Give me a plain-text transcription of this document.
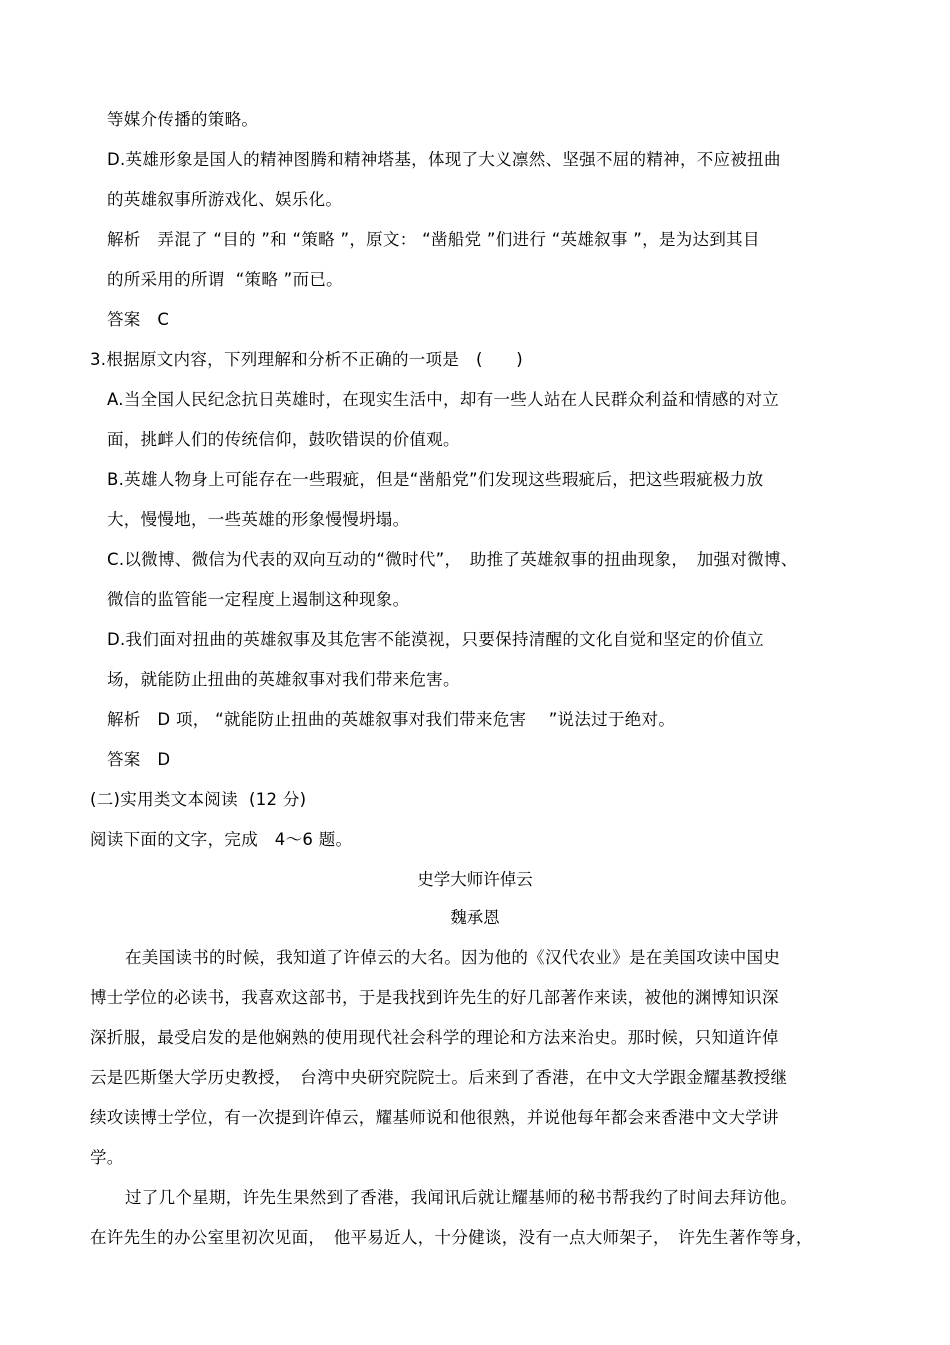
等媒介传播的策略。
D.英雄形象是国人的精神图腾和精神塔基，体现了大义凛然、坚强不屈的精神，不应被扭曲
的英雄叙事所游戏化、娱乐化。
解析　弄混了 “目的 ”和 “策略 ”，原文： “凿船党 ”们进行 “英雄叙事 ”，是为达到其目
的所采用的所谓  “策略 ”而已。
答案　C
3.根据原文内容，下列理解和分析不正确的一项是　(　　)
A.当全国人民纪念抗日英雄时，在现实生活中，却有一些人站在人民群众利益和情感的对立
面，挑衅人们的传统信仰，鼓吹错误的价值观。
B.英雄人物身上可能存在一些瑕疵，但是“凿船党”们发现这些瑕疵后，把这些瑕疵极力放
大，慢慢地，一些英雄的形象慢慢坍塌。
C.以微博、微信为代表的双向互动的“微时代”，　助推了英雄叙事的扭曲现象，　加强对微博、
微信的监管能一定程度上遏制这种现象。
D.我们面对扭曲的英雄叙事及其危害不能漠视，只要保持清醒的文化自觉和坚定的价值立
场，就能防止扭曲的英雄叙事对我们带来危害。
解析　D 项， “就能防止扭曲的英雄叙事对我们带来危害　 ”说法过于绝对。
答案　D
(二)实用类文本阅读  (12 分)
阅读下面的文字，完成　4～6 题。
史学大师许倬云
魏承恩
在美国读书的时候，我知道了许倬云的大名。因为他的《汉代农业》是在美国攻读中国史
博士学位的必读书，我喜欢这部书，于是我找到许先生的好几部著作来读，被他的渊博知识深
深折服，最受启发的是他娴熟的使用现代社会科学的理论和方法来治史。那时候，只知道许倬
云是匹斯堡大学历史教授，　台湾中央研究院院士。后来到了香港，在中文大学跟金耀基教授继
续攻读博士学位，有一次提到许倬云，耀基师说和他很熟，并说他每年都会来香港中文大学讲
学。
过了几个星期，许先生果然到了香港，我闻讯后就让耀基师的秘书帮我约了时间去拜访他。
在许先生的办公室里初次见面，　他平易近人，十分健谈，没有一点大师架子，　许先生著作等身，
